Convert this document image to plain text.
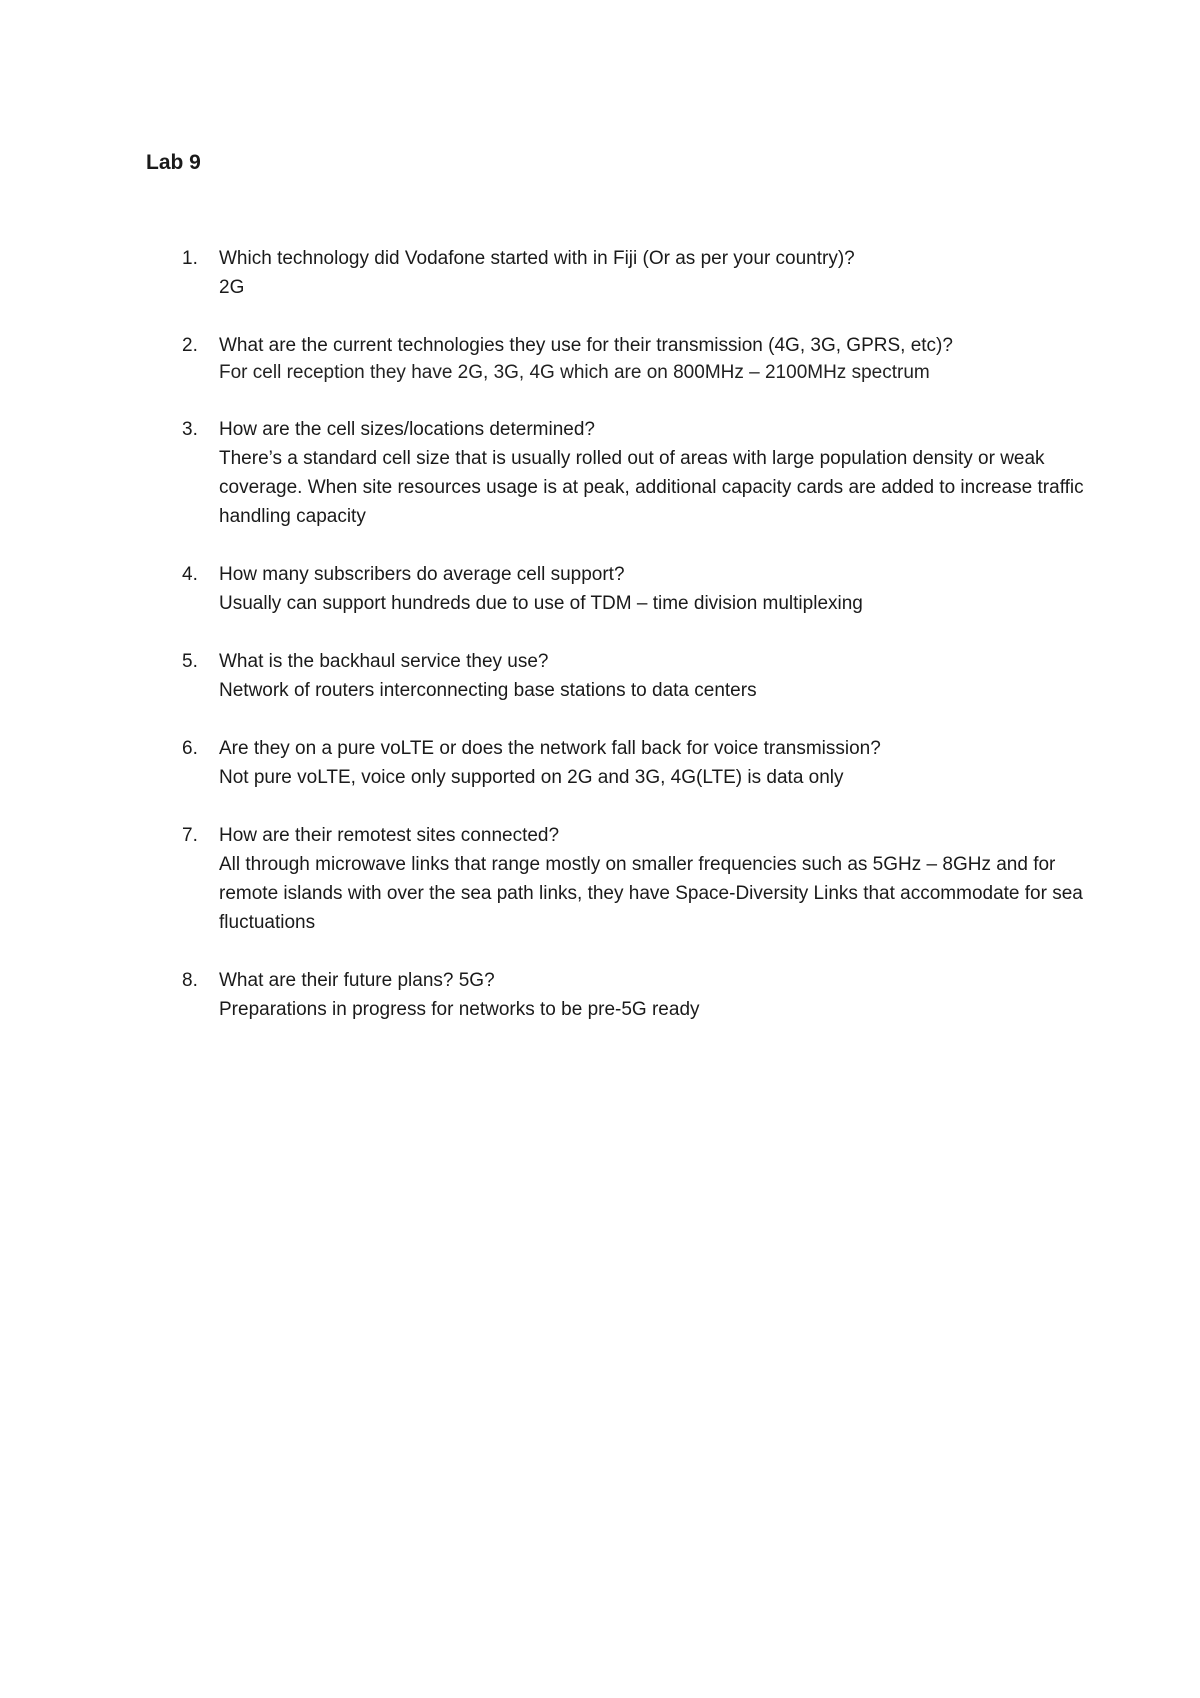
Lab 9
1. Which technology did Vodafone started with in Fiji (Or as per your country)?
2G
2. What are the current technologies they use for their transmission (4G, 3G, GPRS, etc)?
For cell reception they have 2G, 3G, 4G which are on 800MHz – 2100MHz spectrum
3. How are the cell sizes/locations determined?
There’s a standard cell size that is usually rolled out of areas with large population density or weak coverage. When site resources usage is at peak, additional capacity cards are added to increase traffic handling capacity
4. How many subscribers do average cell support?
Usually can support hundreds due to use of TDM – time division multiplexing
5. What is the backhaul service they use?
Network of routers interconnecting base stations to data centers
6. Are they on a pure voLTE or does the network fall back for voice transmission?
Not pure voLTE, voice only supported on 2G and 3G, 4G(LTE) is data only
7. How are their remotest sites connected?
All through microwave links that range mostly on smaller frequencies such as 5GHz – 8GHz and for remote islands with over the sea path links, they have Space-Diversity Links that accommodate for sea fluctuations
8. What are their future plans? 5G?
Preparations in progress for networks to be pre-5G ready
